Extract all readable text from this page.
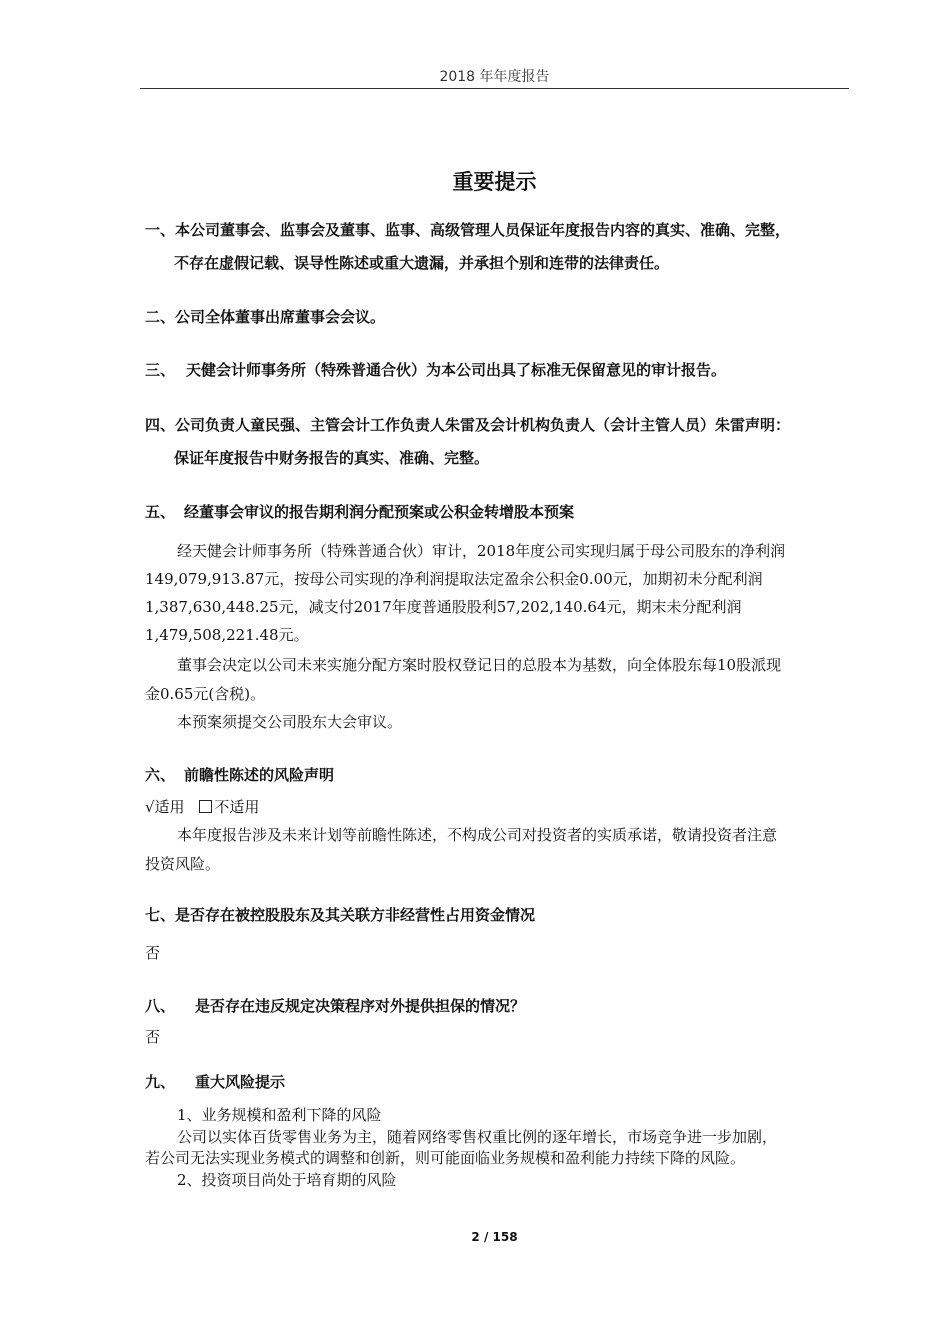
2018 年年度报告
重要提示
一、本公司董事会、监事会及董事、监事、高级管理人员保证年度报告内容的真实、准确、完整，
不存在虚假记载、误导性陈述或重大遗漏，并承担个别和连带的法律责任。
二、公司全体董事出席董事会会议。
三、 天健会计师事务所（特殊普通合伙）为本公司出具了标准无保留意见的审计报告。
四、公司负责人童民强、主管会计工作负责人朱雷及会计机构负责人（会计主管人员）朱雷声明：
保证年度报告中财务报告的真实、准确、完整。
五、 经董事会审议的报告期利润分配预案或公积金转增股本预案
经天健会计师事务所（特殊普通合伙）审计，2018年度公司实现归属于母公司股东的净利润
149,079,913.87元，按母公司实现的净利润提取法定盈余公积金0.00元，加期初未分配利润
1,387,630,448.25元，减支付2017年度普通股股利57,202,140.64元，期末未分配利润
1,479,508,221.48元。
董事会决定以公司未来实施分配方案时股权登记日的总股本为基数，向全体股东每10股派现
金0.65元(含税)。
本预案须提交公司股东大会审议。
六、 前瞻性陈述的风险声明
√适用 不适用
本年度报告涉及未来计划等前瞻性陈述，不构成公司对投资者的实质承诺，敬请投资者注意
投资风险。
七、是否存在被控股股东及其关联方非经营性占用资金情况
否
八、 是否存在违反规定决策程序对外提供担保的情况？
否
九、 重大风险提示
1、业务规模和盈利下降的风险
公司以实体百货零售业务为主，随着网络零售权重比例的逐年增长，市场竞争进一步加剧，
若公司无法实现业务模式的调整和创新，则可能面临业务规模和盈利能力持续下降的风险。
2、投资项目尚处于培育期的风险
2 / 158
